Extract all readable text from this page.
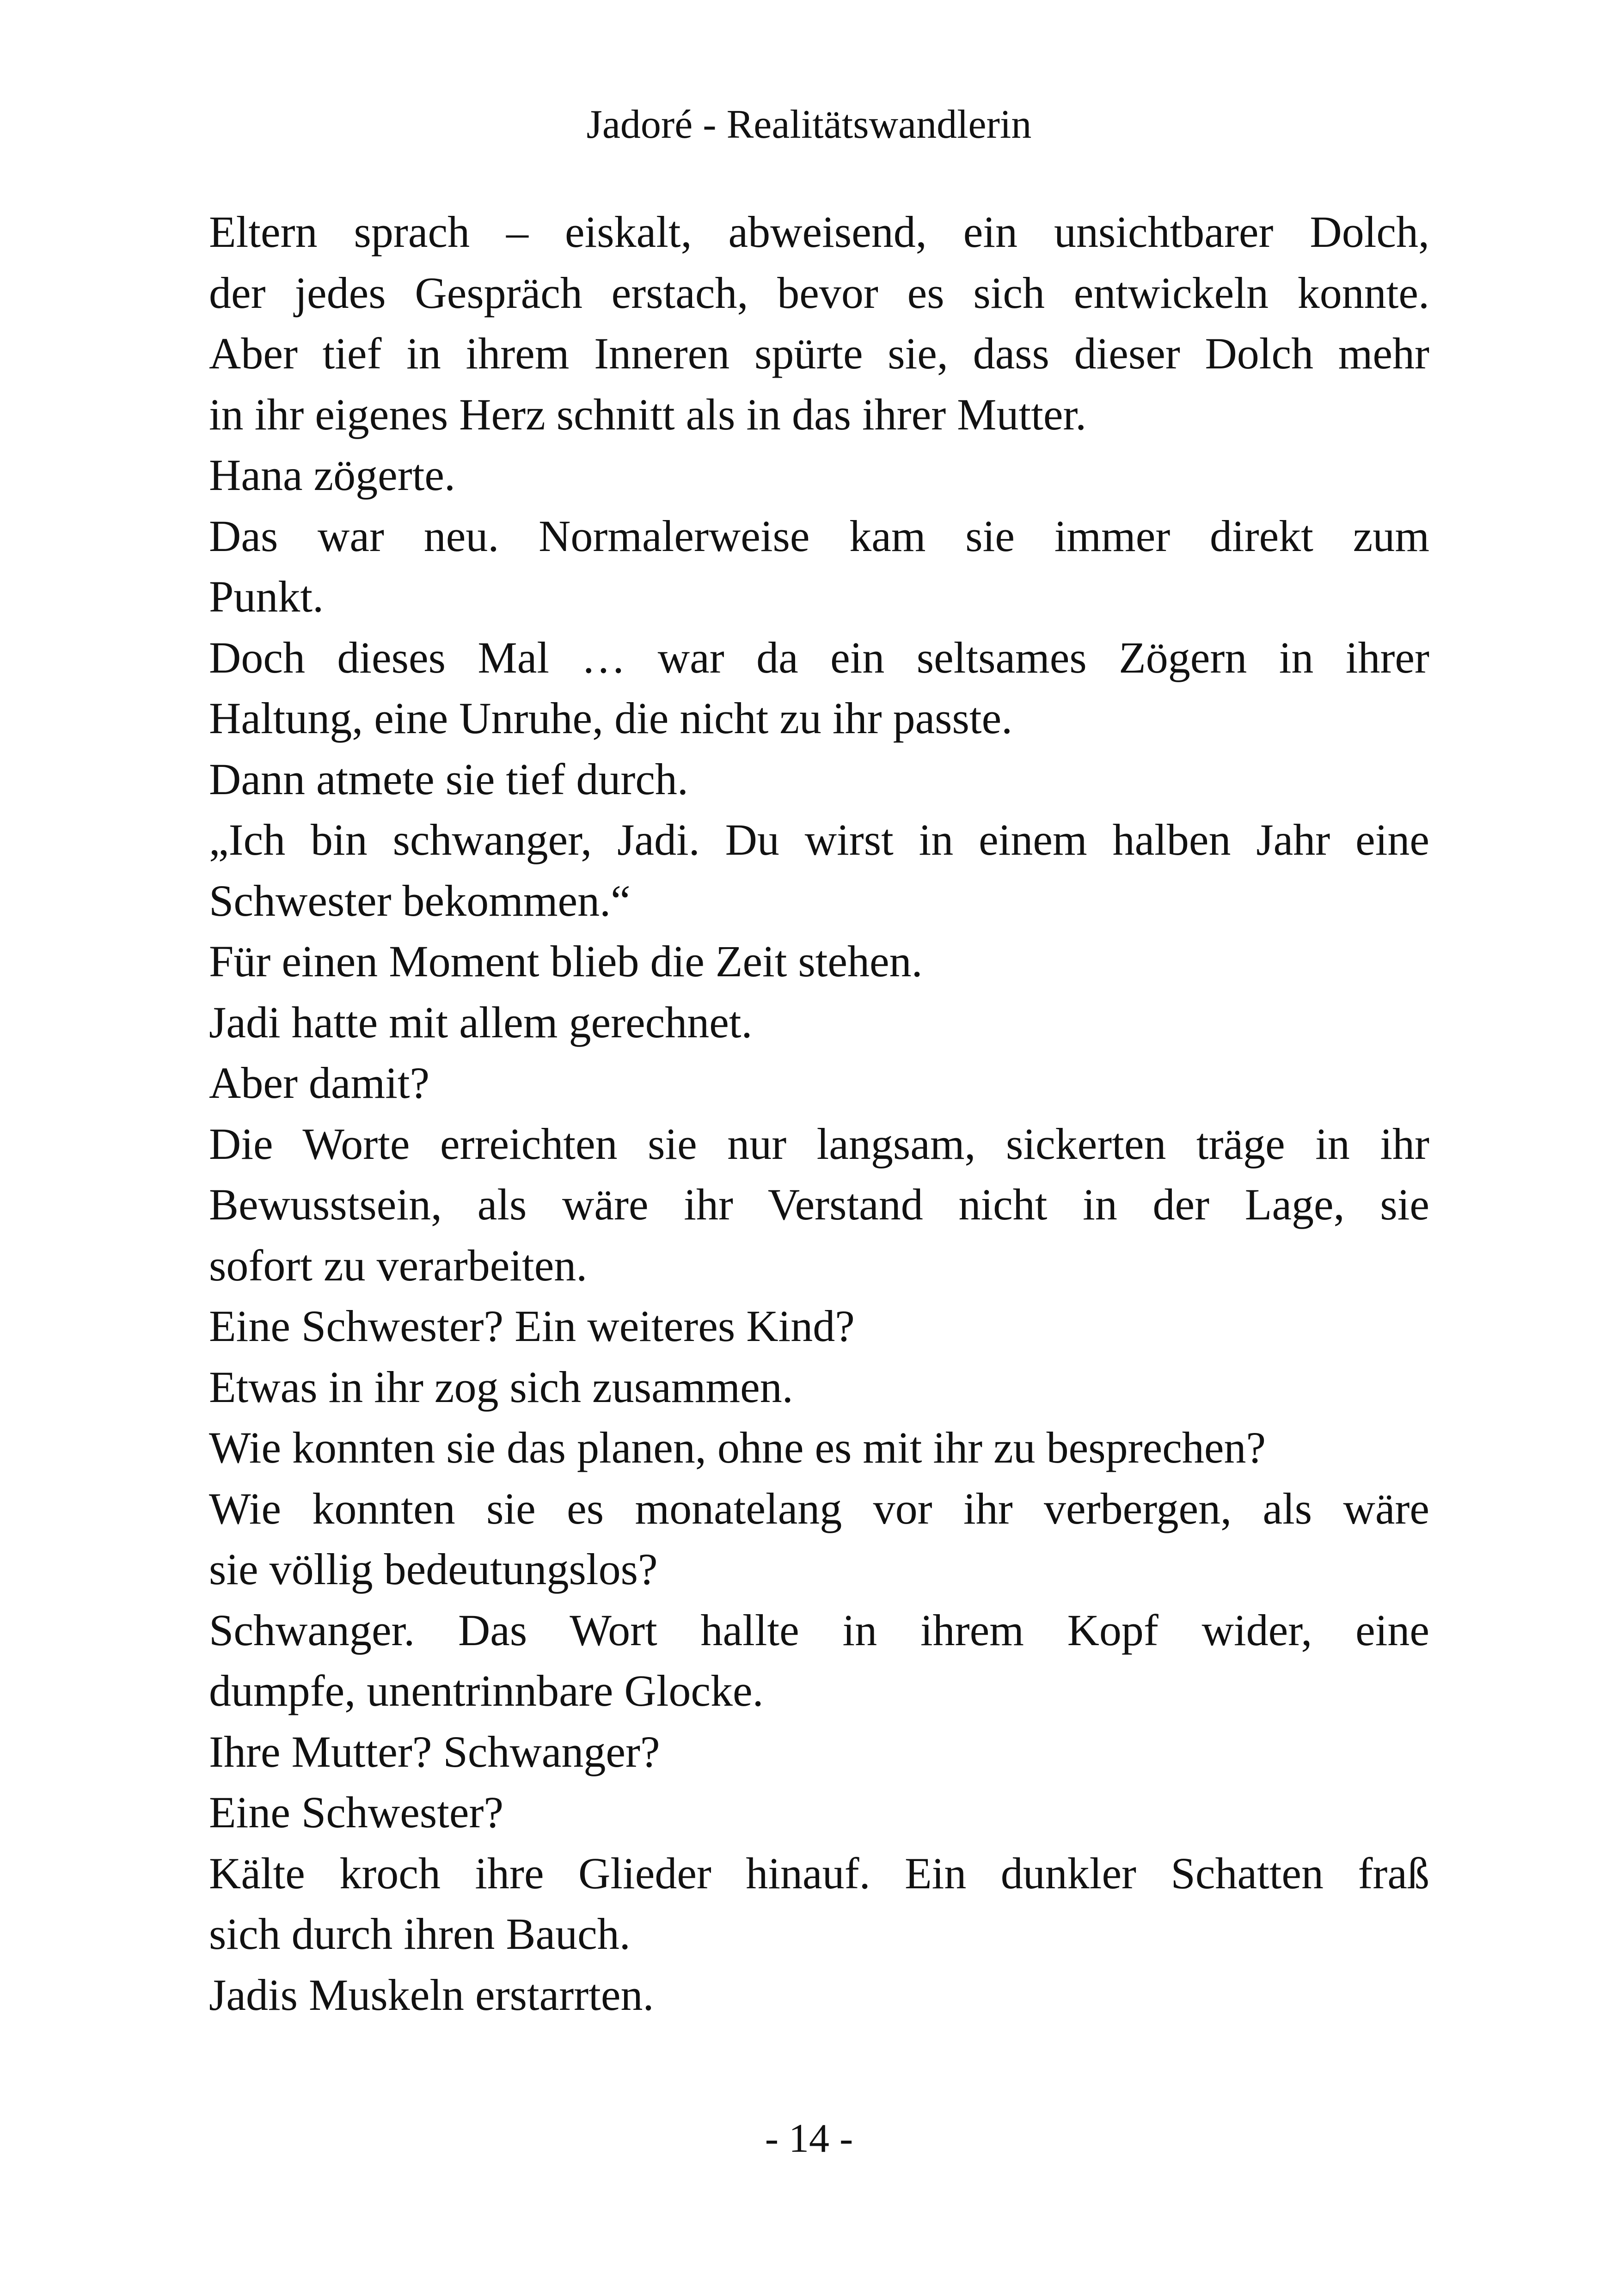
Jadoré - Realitätswandlerin
Eltern sprach – eiskalt, abweisend, ein unsichtbarer Dolch,
der jedes Gespräch erstach, bevor es sich entwickeln konnte.
Aber tief in ihrem Inneren spürte sie, dass dieser Dolch mehr
in ihr eigenes Herz schnitt als in das ihrer Mutter.
Hana zögerte.
Das war neu. Normalerweise kam sie immer direkt zum
Punkt.
Doch dieses Mal … war da ein seltsames Zögern in ihrer
Haltung, eine Unruhe, die nicht zu ihr passte.
Dann atmete sie tief durch.
„Ich bin schwanger, Jadi. Du wirst in einem halben Jahr eine
Schwester bekommen.“
Für einen Moment blieb die Zeit stehen.
Jadi hatte mit allem gerechnet.
Aber damit?
Die Worte erreichten sie nur langsam, sickerten träge in ihr
Bewusstsein, als wäre ihr Verstand nicht in der Lage, sie
sofort zu verarbeiten.
Eine Schwester? Ein weiteres Kind?
Etwas in ihr zog sich zusammen.
Wie konnten sie das planen, ohne es mit ihr zu besprechen?
Wie konnten sie es monatelang vor ihr verbergen, als wäre
sie völlig bedeutungslos?
Schwanger. Das Wort hallte in ihrem Kopf wider, eine
dumpfe, unentrinnbare Glocke.
Ihre Mutter? Schwanger?
Eine Schwester?
Kälte kroch ihre Glieder hinauf. Ein dunkler Schatten fraß
sich durch ihren Bauch.
Jadis Muskeln erstarrten.
- 14 -
